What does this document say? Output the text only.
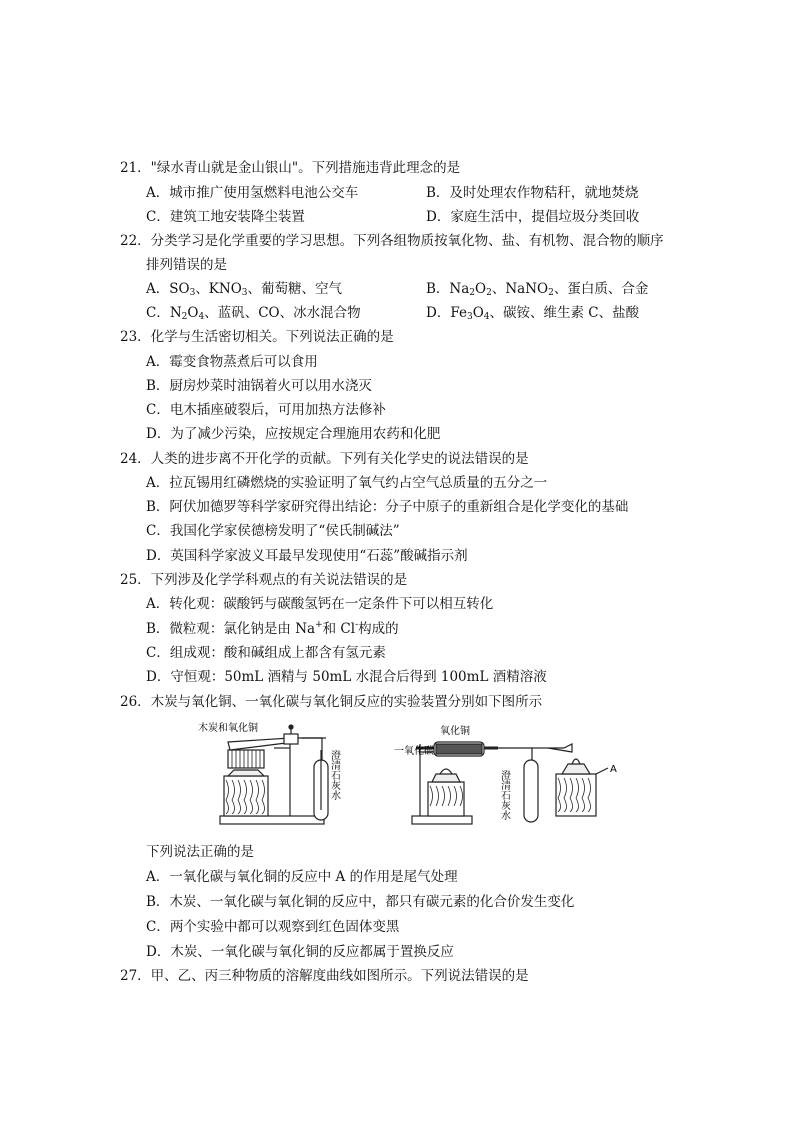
21．"绿水青山就是金山银山"。下列措施违背此理念的是
A．城市推广使用氢燃料电池公交车	B．及时处理农作物秸秆，就地焚烧
C．建筑工地安装降尘装置	D．家庭生活中，提倡垃圾分类回收
22．分类学习是化学重要的学习思想。下列各组物质按氧化物、盐、有机物、混合物的顺序
排列错误的是
A．$SO_3$、$KNO_3$、葡萄糖、空气	B．$Na_2O_2$、NaNO$_2$、蛋白质、合金
C．$N_2O_4$、蓝矾、CO、冰水混合物	D．$Fe_3O_4$、碳铵、维生素 C、盐酸
23．化学与生活密切相关。下列说法正确的是
A．霉变食物蒸煮后可以食用
B．厨房炒菜时油锅着火可以用水浇灭
C．电木插座破裂后，可用加热方法修补
D．为了减少污染，应按规定合理施用农药和化肥
24．人类的进步离不开化学的贡献。下列有关化学史的说法错误的是
A．拉瓦锡用红磷燃烧的实验证明了氧气约占空气总质量的五分之一
B．阿伏加德罗等科学家研究得出结论：分子中原子的重新组合是化学变化的基础
C．我国化学家侯德榜发明了“侯氏制碱法”
D．英国科学家波义耳最早发现使用“石蕊”酸碱指示剂
25．下列涉及化学学科观点的有关说法错误的是
A．转化观：碳酸钙与碳酸氢钙在一定条件下可以相互转化
B．微粒观：氯化钠是由 Na+和 Cl-构成的
C．组成观：酸和碱组成上都含有氢元素
D．守恒观：50mL 酒精与 50mL 水混合后得到 100mL 酒精溶液
26．木炭与氧化铜、一氧化碳与氧化铜反应的实验装置分别如下图所示
木炭和氧化铜
澄清石灰水	一氧化碳
氧化铜
澄清石灰水
A
下列说法正确的是
A．一氧化碳与氧化铜的反应中 A 的作用是尾气处理
B．木炭、一氧化碳与氧化铜的反应中，都只有碳元素的化合价发生变化
C．两个实验中都可以观察到红色固体变黑
D．木炭、一氧化碳与氧化铜的反应都属于置换反应
27．甲、乙、丙三种物质的溶解度曲线如图所示。下列说法错误的是
